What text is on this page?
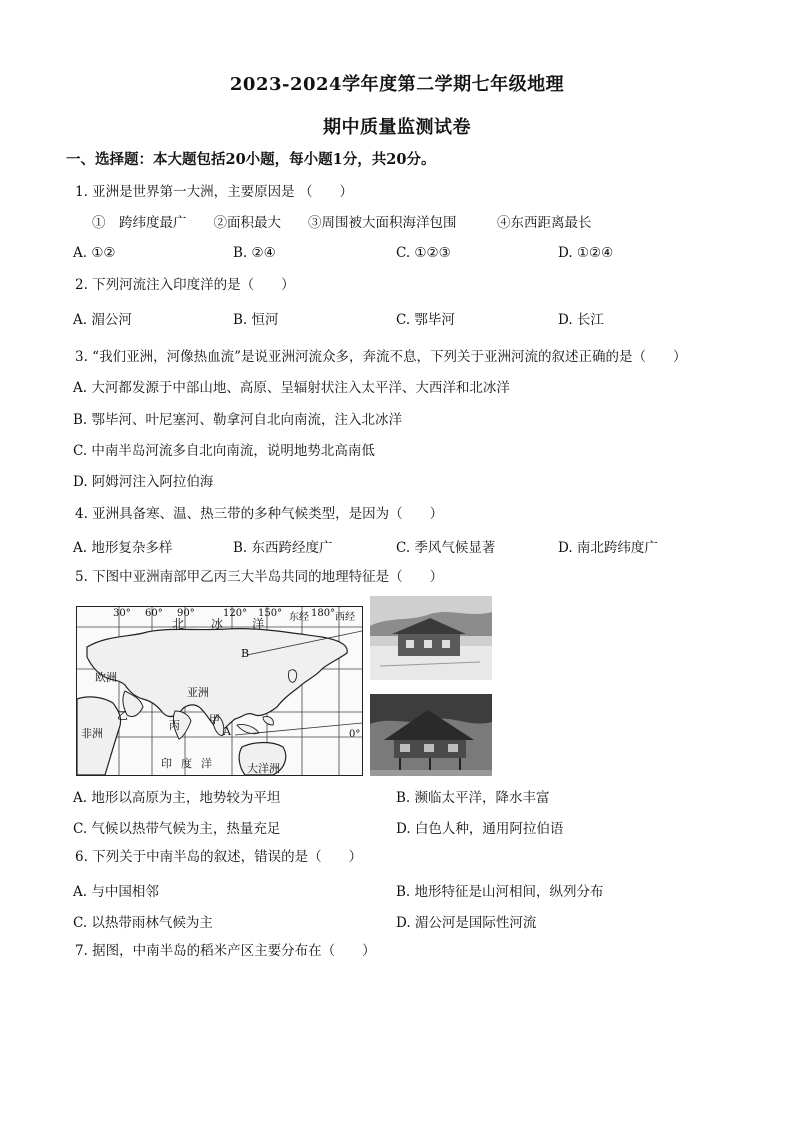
2023-2024学年度第二学期七年级地理
期中质量监测试卷
一、选择题：本大题包括20小题，每小题1分，共20分。
1. 亚洲是世界第一大洲，主要原因是 （　　）
①　跨纬度最广　　②面积最大　　③周围被大面积海洋包围　　　④东西距离最长
A. ①②	B. ②④	C. ①②③	D. ①②④
2. 下列河流注入印度洋的是（　　）
A. 湄公河	B. 恒河	C. 鄂毕河	D. 长江
3. “我们亚洲，河像热血流”是说亚洲河流众多，奔流不息，下列关于亚洲河流的叙述正确的是（　　）
A. 大河都发源于中部山地、高原、呈辐射状注入太平洋、大西洋和北冰洋
B. 鄂毕河、叶尼塞河、勒拿河自北向南流，注入北冰洋
C. 中南半岛河流多自北向南流，说明地势北高南低
D. 阿姆河注入阿拉伯海
4. 亚洲具备寒、温、热三带的多种气候类型，是因为（　　）
A. 地形复杂多样	B. 东西跨经度广	C. 季风气候显著	D. 南北跨纬度广
5. 下图中亚洲南部甲乙丙三大半岛共同的地理特征是（　　）
30° 60° 90°	120° 150° 东经 180° 西经
北 冰 洋
欧洲
亚洲
非洲
印 度 洋	大洋洲
B
A
甲
乙
丙
0°
A. 地形以高原为主，地势较为平坦	B. 濒临太平洋，降水丰富
C. 气候以热带气候为主，热量充足	D. 白色人种，通用阿拉伯语
6. 下列关于中南半岛的叙述，错误的是（　　）
A. 与中国相邻	B. 地形特征是山河相间，纵列分布
C. 以热带雨林气候为主	D. 湄公河是国际性河流
7. 据图，中南半岛的稻米产区主要分布在（　　）
